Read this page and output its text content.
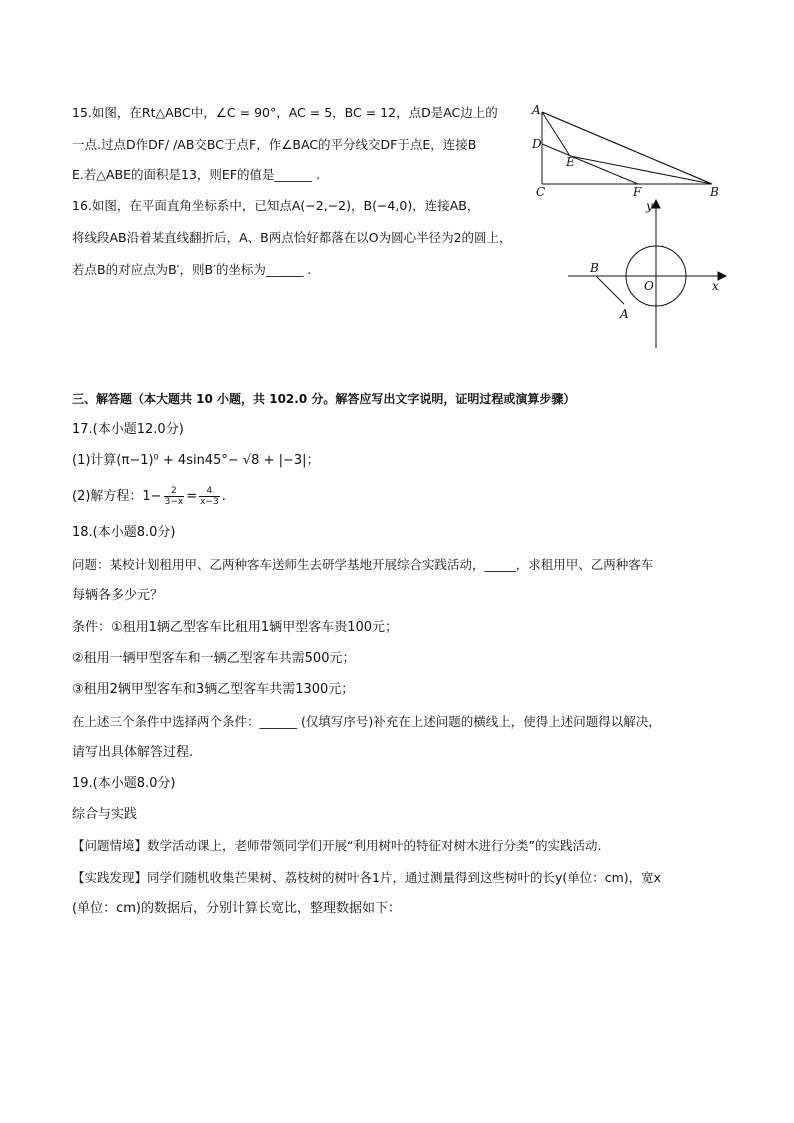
15.如图，在Rt△ABC中，∠C = 90°，AC = 5，BC = 12，点D是AC边上的
一点.过点D作DF/ /AB交BC于点F，作∠BAC的平分线交DF于点E，连接B
E.若△ABE的面积是13，则EF的值是______ .
A
D
E
C	F	B
16.如图，在平面直角坐标系中，已知点A(−2,−2)，B(−4,0)，连接AB，
将线段AB沿着某直线翻折后，A、B两点恰好都落在以O为圆心半径为2的圆上，
若点B的对应点为B′，则B′的坐标为______ .
y
x
O
B
A
三、解答题（本大题共 10 小题，共 102.0 分。解答应写出文字说明，证明过程或演算步骤）
17.(本小题12.0分)
(1)计算(π−1)⁰ + 4sin45°− √8 + |−3|；
(2)解方程：$1- \frac{2}{3-x} = \frac{4}{x-3}$ .
18.(本小题8.0分)
问题：某校计划租用甲、乙两种客车送师生去研学基地开展综合实践活动，_____，求租用甲、乙两种客车
每辆各多少元？
条件：①租用1辆乙型客车比租用1辆甲型客车贵100元；
②租用一辆甲型客车和一辆乙型客车共需500元；
③租用2辆甲型客车和3辆乙型客车共需1300元；
在上述三个条件中选择两个条件：______ (仅填写序号)补充在上述问题的横线上，使得上述问题得以解决，
请写出具体解答过程.
19.(本小题8.0分)
综合与实践
【问题情境】数学活动课上，老师带领同学们开展“利用树叶的特征对树木进行分类”的实践活动.
【实践发现】同学们随机收集芒果树、荔枝树的树叶各1片，通过测量得到这些树叶的长y(单位：cm)，宽x
(单位：cm)的数据后，分别计算长宽比，整理数据如下：
